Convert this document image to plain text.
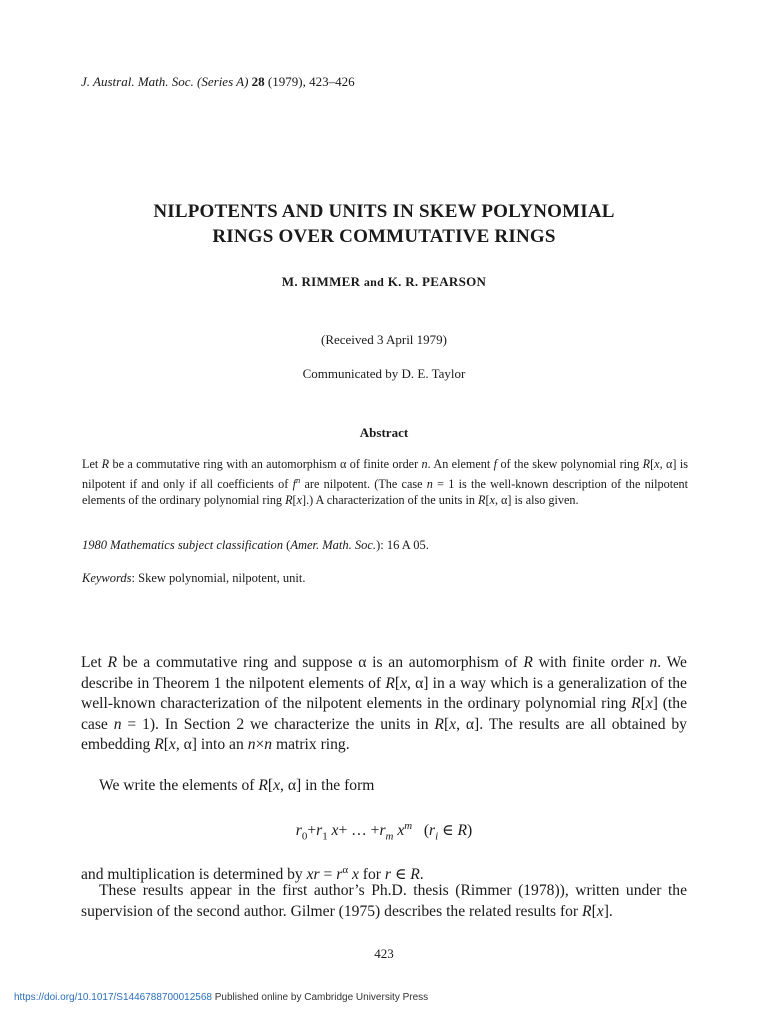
J. Austral. Math. Soc. (Series A) 28 (1979), 423–426
NILPOTENTS AND UNITS IN SKEW POLYNOMIAL
RINGS OVER COMMUTATIVE RINGS
M. RIMMER and K. R. PEARSON
(Received 3 April 1979)
Communicated by D. E. Taylor
Abstract
Let R be a commutative ring with an automorphism α of finite order n. An element f of the skew polynomial ring R[x, α] is nilpotent if and only if all coefficients of $f^n$ are nilpotent. (The case n = 1 is the well-known description of the nilpotent elements of the ordinary polynomial ring R[x].) A characterization of the units in R[x, α] is also given.
1980 Mathematics subject classification (Amer. Math. Soc.): 16 A 05.
Keywords: Skew polynomial, nilpotent, unit.
Let R be a commutative ring and suppose α is an automorphism of R with finite order n. We describe in Theorem 1 the nilpotent elements of R[x, α] in a way which is a generalization of the well-known characterization of the nilpotent elements in the ordinary polynomial ring R[x] (the case n = 1). In Section 2 we characterize the units in R[x, α]. The results are all obtained by embedding R[x, α] into an n×n matrix ring.
We write the elements of R[x, α] in the form
$r_0+r_1$ x+ … $+r_m$ $x^m$   ($r_i$ ∈ R)
and multiplication is determined by xr = $r^\alpha$ x for r ∈ R.
These results appear in the first author’s Ph.D. thesis (Rimmer (1978)), written under the supervision of the second author. Gilmer (1975) describes the related results for R[x].
423
https://doi.org/10.1017/S1446788700012568 Published online by Cambridge University Press
